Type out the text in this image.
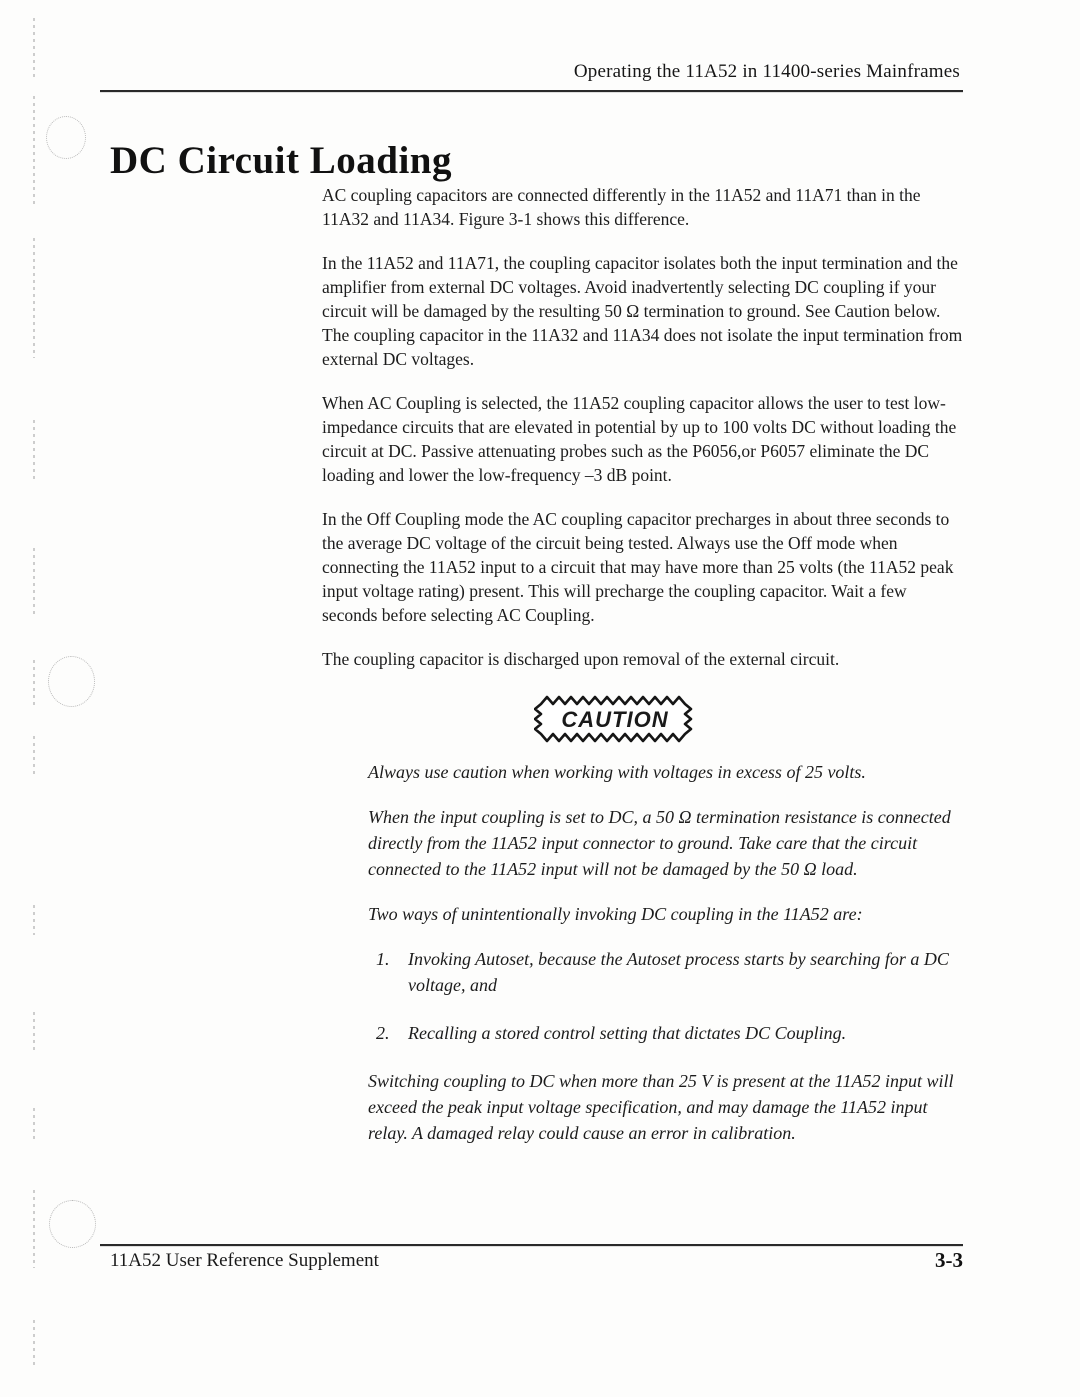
Operating the 11A52 in 11400-series Mainframes
DC Circuit Loading

AC coupling capacitors are connected differently in the 11A52 and 11A71 than in the 11A32 and 11A34. Figure 3-1 shows this difference.

In the 11A52 and 11A71, the coupling capacitor isolates both the input termination and the amplifier from external DC voltages. Avoid inadvertently selecting DC coupling if your circuit will be damaged by the resulting 50 Ω termination to ground. See Caution below. The coupling capacitor in the 11A32 and 11A34 does not isolate the input termination from external DC voltages.

When AC Coupling is selected, the 11A52 coupling capacitor allows the user to test low-impedance circuits that are elevated in potential by up to 100 volts DC without loading the circuit at DC. Passive attenuating probes such as the P6056,or P6057 eliminate the DC loading and lower the low-frequency –3 dB point.

In the Off Coupling mode the AC coupling capacitor precharges in about three seconds to the average DC voltage of the circuit being tested. Always use the Off mode when connecting the 11A52 input to a circuit that may have more than 25 volts (the 11A52 peak input voltage rating) present. This will precharge the coupling capacitor. Wait a few seconds before selecting AC Coupling.

The coupling capacitor is discharged upon removal of the external circuit.

CAUTION

Always use caution when working with voltages in excess of 25 volts.

When the input coupling is set to DC, a 50 Ω termination resistance is connected directly from the 11A52 input connector to ground. Take care that the circuit connected to the 11A52 input will not be damaged by the 50 Ω load.

Two ways of unintentionally invoking DC coupling in the 11A52 are:

1.	Invoking Autoset, because the Autoset process starts by searching for a DC voltage, and
2.	Recalling a stored control setting that dictates DC Coupling.

Switching coupling to DC when more than 25 V is present at the 11A52 input will exceed the peak input voltage specification, and may damage the 11A52 input relay. A damaged relay could cause an error in calibration.

11A52 User Reference Supplement	3-3
